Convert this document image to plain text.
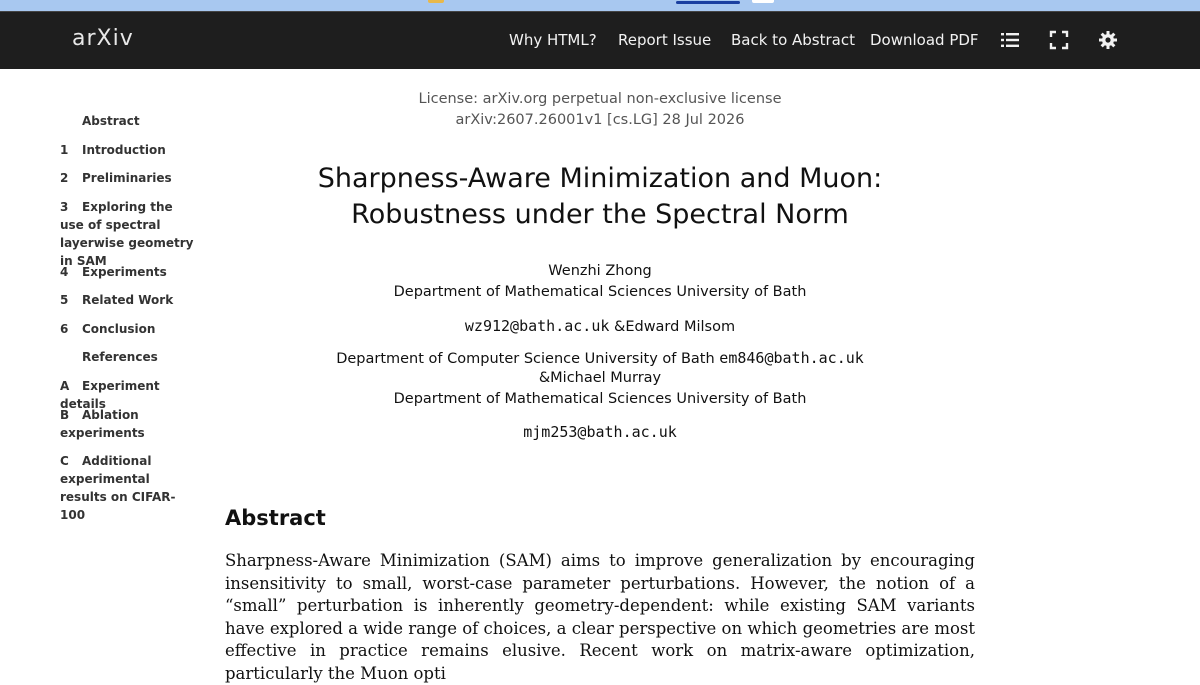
arXiv	Why HTML? Report Issue Back to Abstract Download PDF
Abstract
1 Introduction
2 Preliminaries
3 Exploring the use of spectral layerwise geometry in SAM
4 Experiments
5 Related Work
6 Conclusion
References
A Experiment details
B Ablation experiments
C Additional experimental results on CIFAR-100
License: arXiv.org perpetual non-exclusive license
arXiv:2607.26001v1 [cs.LG] 28 Jul 2026
Sharpness-Aware Minimization and Muon:
Robustness under the Spectral Norm
Wenzhi Zhong
Department of Mathematical Sciences University of Bath
wz912@bath.ac.uk &Edward Milsom
Department of Computer Science University of Bath em846@bath.ac.uk
&Michael Murray
Department of Mathematical Sciences University of Bath
mjm253@bath.ac.uk
Abstract
Sharpness-Aware Minimization (SAM) aims to improve generalization by encouraging insensitivity to small, worst-case parameter perturbations. However, the notion of a “small” perturbation is inherently geometry-dependent: while existing SAM variants have explored a wide range of choices, a clear perspective on which geometries are most effective in practice remains elusive. Recent work on matrix-aware optimization, particularly the Muon opti
